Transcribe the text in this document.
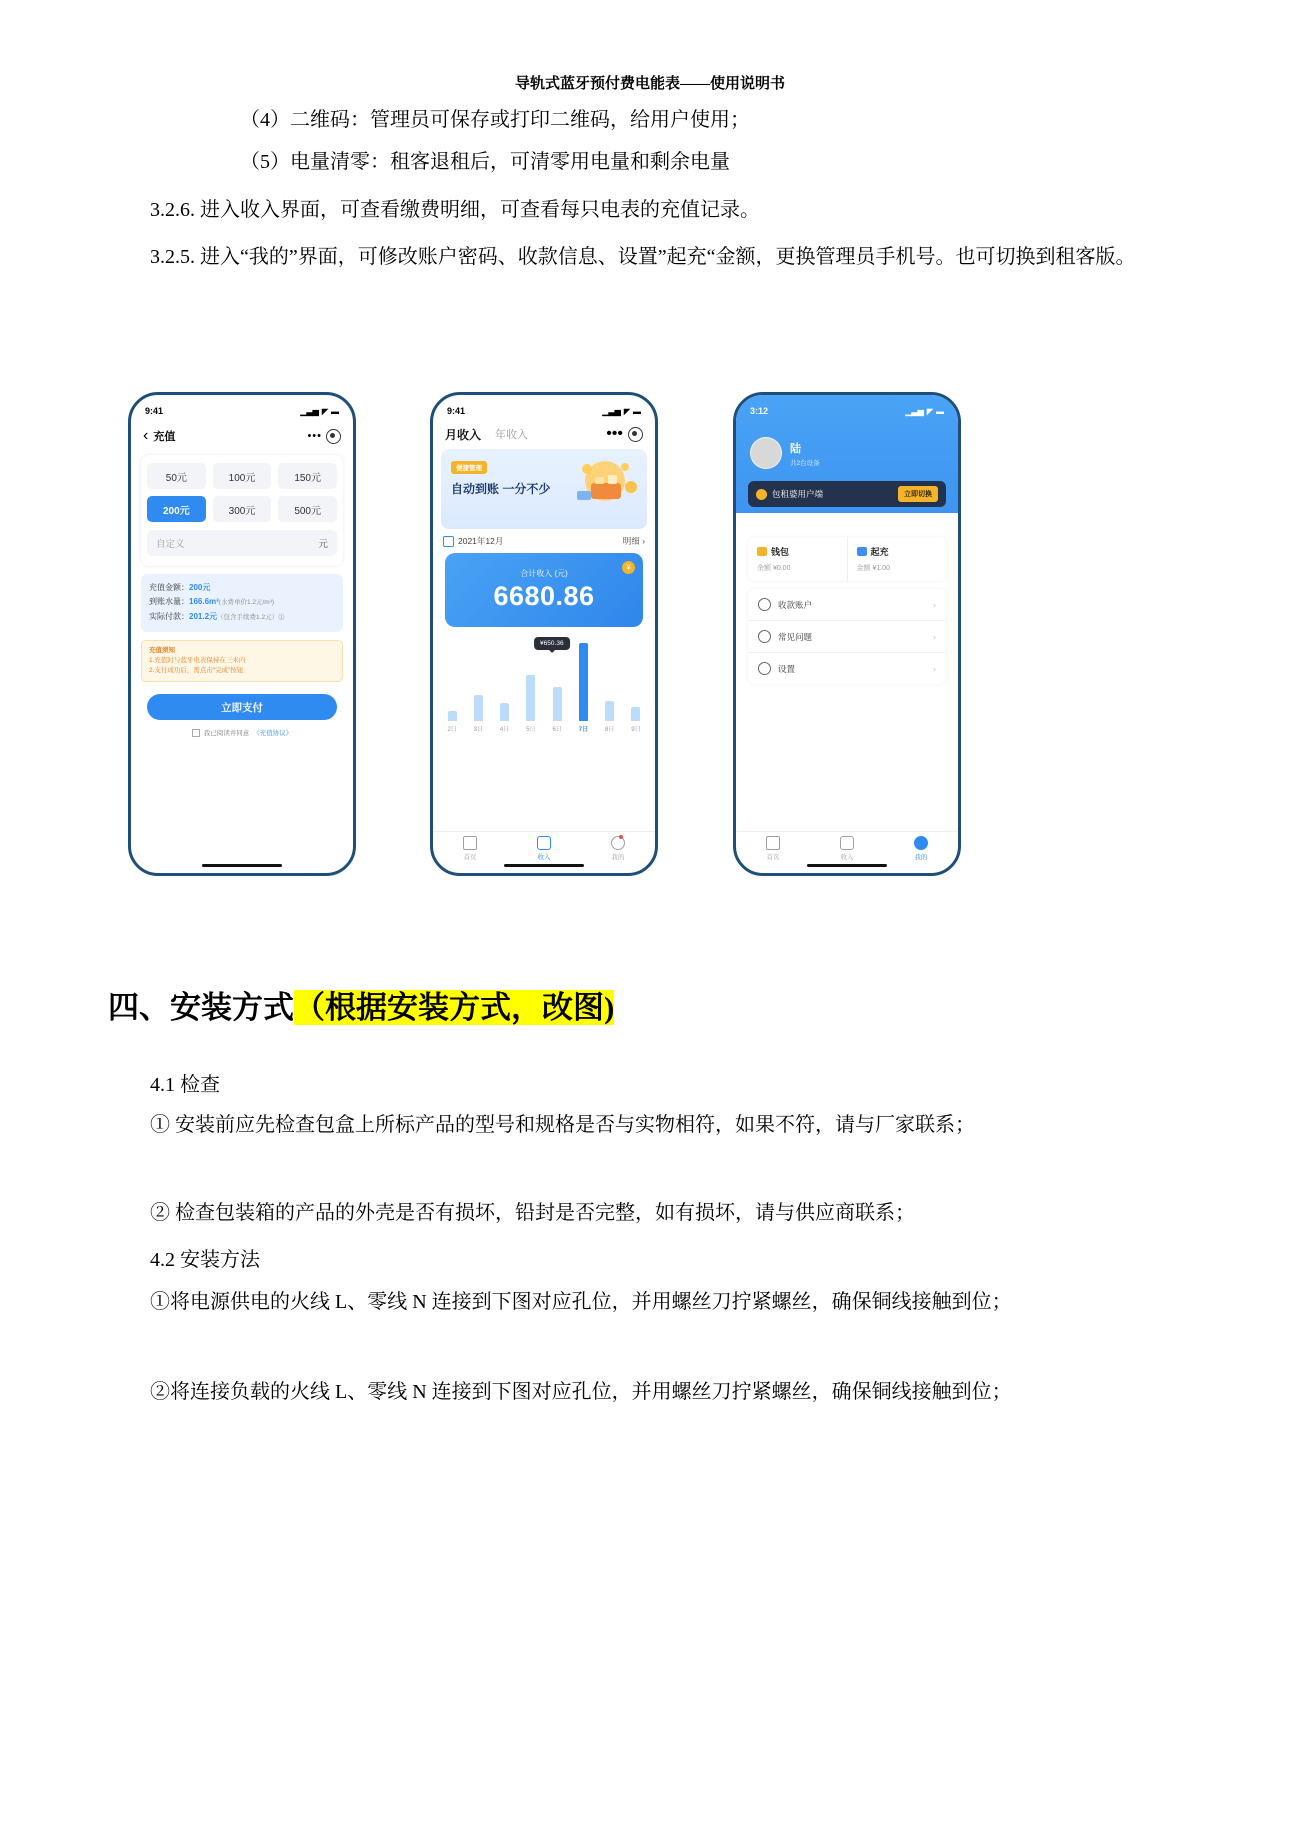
导轨式蓝牙预付费电能表——使用说明书
（4）二维码：管理员可保存或打印二维码，给用户使用；
（5）电量清零：租客退租后，可清零用电量和剩余电量
3.2.6. 进入收入界面，可查看缴费明细，可查看每只电表的充值记录。
3.2.5. 进入“我的”界面，可修改账户密码、收款信息、设置”起充“金额，更换管理员手机号。也可切换到租客版。
9:41	▁▃▅ ◤ ▬
‹ 充值	•••
50元	100元	150元
200元	300元	500元
自定义	元
充值金额：200元
到账水量：166.6m³(水费单价1.2元/m³)
实际付款：201.2元（包含手续费1.2元）⓵
充值须知
1.充值时与蓝牙电表保持在三米内
2.支付成功后，需点击“完成”按钮
立即支付
我已阅读并同意 《充值协议》
9:41	▁▃▅ ◤ ▬
月收入 年收入	•••
便捷管理
自动到账 一分不少
2021年12月	明细 ›
合计收入 (元)
6680.86
¥
¥650.36
2日	3日	4日	5日	6日	7日	8日	9日
首页	收入	我的
3:12	▁▃▅ ◤ ▬
陆
共2台设备
包租婆用户端	立即切换
钱包
余额 ¥0.00
起充
金额 ¥1.00
收款账户	›
常见问题	›
设置	›
首页	收入	我的
四、安装方式（根据安装方式，改图)
4.1 检查
① 安装前应先检查包盒上所标产品的型号和规格是否与实物相符，如果不符，请与厂家联系；
② 检查包装箱的产品的外壳是否有损坏，铅封是否完整，如有损坏，请与供应商联系；
4.2 安装方法
①将电源供电的火线 L、零线 N 连接到下图对应孔位，并用螺丝刀拧紧螺丝，确保铜线接触到位；
②将连接负载的火线 L、零线 N 连接到下图对应孔位，并用螺丝刀拧紧螺丝，确保铜线接触到位；
